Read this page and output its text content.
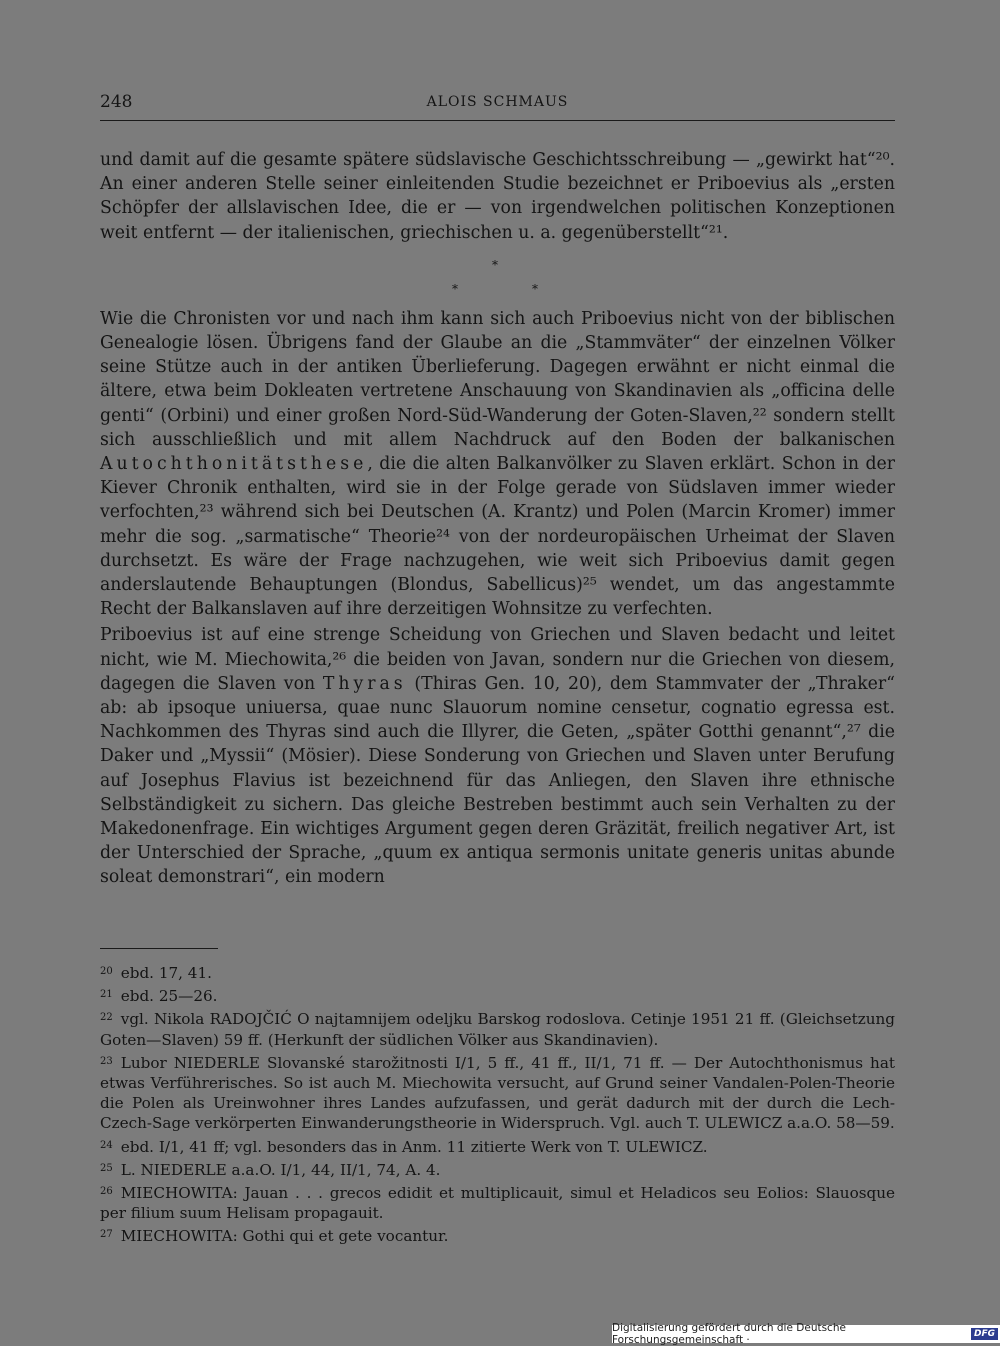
248	ALOIS SCHMAUS

und damit auf die gesamte spätere südslavische Geschichtsschreibung — „gewirkt hat“²⁰. An einer anderen Stelle seiner einleitenden Studie bezeichnet er Priboevius als „ersten Schöpfer der allslavischen Idee, die er — von irgendwelchen politischen Konzeptionen weit entfernt — der italienischen, griechischen u. a. gegenüberstellt“²¹.

*
*	*

Wie die Chronisten vor und nach ihm kann sich auch Priboevius nicht von der biblischen Genealogie lösen. Übrigens fand der Glaube an die „Stammväter“ der einzelnen Völker seine Stütze auch in der antiken Überlieferung. Dagegen erwähnt er nicht einmal die ältere, etwa beim Dokleaten vertretene Anschauung von Skandinavien als „officina delle genti“ (Orbini) und einer großen Nord-Süd-Wanderung der Goten-Slaven,²² sondern stellt sich ausschließlich und mit allem Nachdruck auf den Boden der balkanischen Autochthonitätsthese, die die alten Balkanvölker zu Slaven erklärt. Schon in der Kiever Chronik enthalten, wird sie in der Folge gerade von Südslaven immer wieder verfochten,²³ während sich bei Deutschen (A. Krantz) und Polen (Marcin Kromer) immer mehr die sog. „sarmatische“ Theorie²⁴ von der nordeuropäischen Urheimat der Slaven durchsetzt. Es wäre der Frage nachzugehen, wie weit sich Priboevius damit gegen anderslautende Behauptungen (Blondus, Sabellicus)²⁵ wendet, um das angestammte Recht der Balkanslaven auf ihre derzeitigen Wohnsitze zu verfechten.

Priboevius ist auf eine strenge Scheidung von Griechen und Slaven bedacht und leitet nicht, wie M. Miechowita,²⁶ die beiden von Javan, sondern nur die Griechen von diesem, dagegen die Slaven von Thyras (Thiras Gen. 10, 20), dem Stammvater der „Thraker“ ab: ab ipsoque uniuersa, quae nunc Slauorum nomine censetur, cognatio egressa est. Nachkommen des Thyras sind auch die Illyrer, die Geten, „später Gotthi genannt“,²⁷ die Daker und „Myssii“ (Mösier). Diese Sonderung von Griechen und Slaven unter Berufung auf Josephus Flavius ist bezeichnend für das Anliegen, den Slaven ihre ethnische Selbständigkeit zu sichern. Das gleiche Bestreben bestimmt auch sein Verhalten zu der Makedonenfrage. Ein wichtiges Argument gegen deren Gräzität, freilich negativer Art, ist der Unterschied der Sprache, „quum ex antiqua sermonis unitate generis unitas abunde soleat demonstrari“, ein modern

$^{20}$ ebd. 17, 41.

$^{21}$ ebd. 25—26.

$^{22}$ vgl. Nikola RADOJČIĆ O najtamnijem odeljku Barskog rodoslova. Cetinje 1951 21 ff. (Gleichsetzung Goten—Slaven) 59 ff. (Herkunft der südlichen Völker aus Skandinavien).

$^{23}$ Lubor NIEDERLE Slovanské starožitnosti I/1, 5 ff., 41 ff., II/1, 71 ff. — Der Autochthonismus hat etwas Verführerisches. So ist auch M. Miechowita versucht, auf Grund seiner Vandalen-Polen-Theorie die Polen als Ureinwohner ihres Landes aufzufassen, und gerät dadurch mit der durch die Lech-Czech-Sage verkörperten Einwanderungstheorie in Widerspruch. Vgl. auch T. ULEWICZ a.a.O. 58—59.

$^{24}$ ebd. I/1, 41 ff; vgl. besonders das in Anm. 11 zitierte Werk von T. ULEWICZ.

$^{25}$ L. NIEDERLE a.a.O. I/1, 44, II/1, 74, A. 4.

$^{26}$ MIECHOWITA: Jauan . . . grecos edidit et multiplicauit, simul et Heladicos seu Eolios: Slauosque per filium suum Helisam propagauit.

$^{27}$ MIECHOWITA: Gothi qui et gete vocantur.

Digitalisierung gefördert durch die Deutsche Forschungsgemeinschaft ·	DFG
